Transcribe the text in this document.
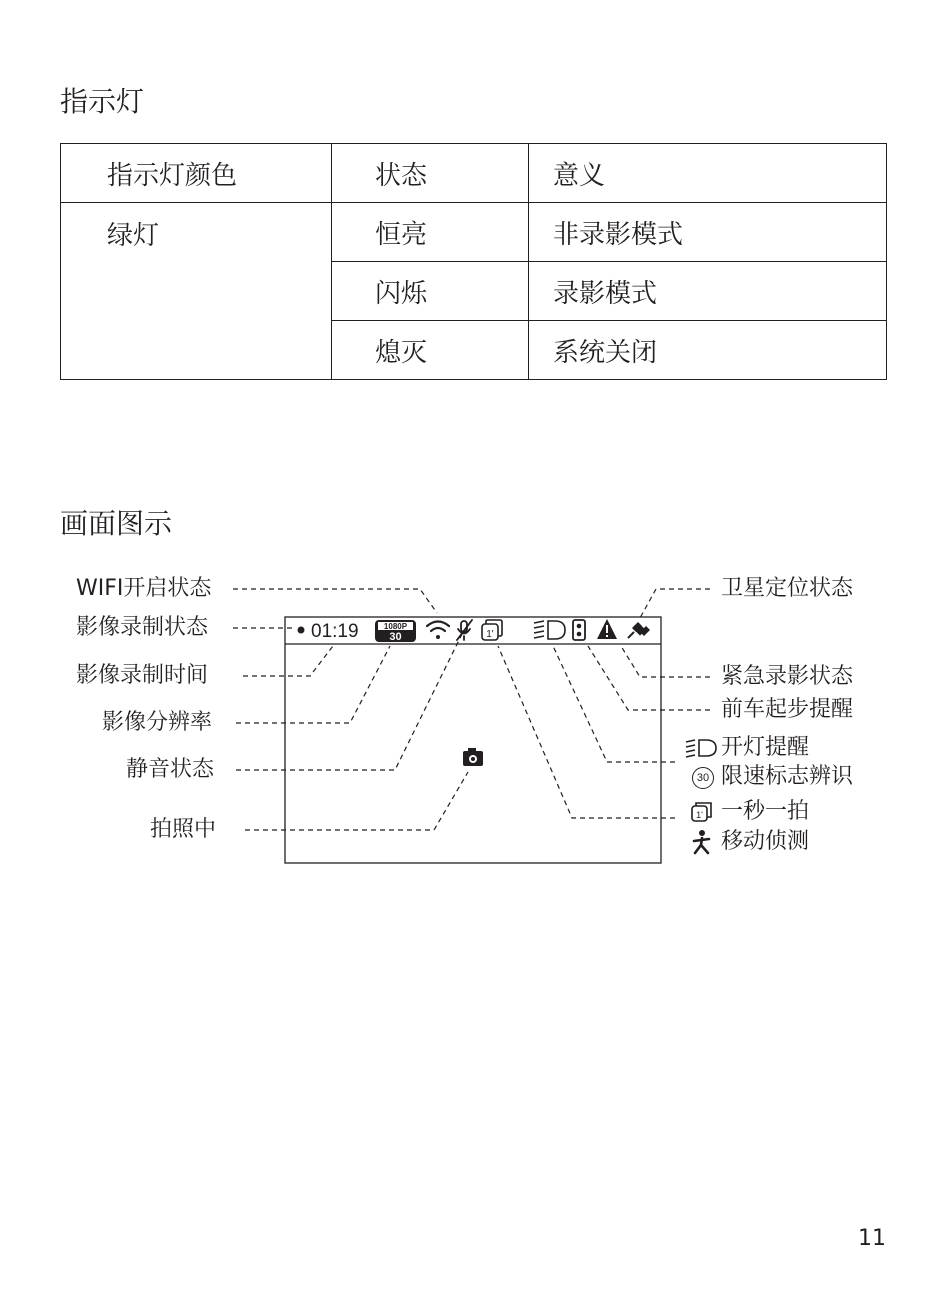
指示灯
指示灯颜色	状态	意义
绿灯	恒亮	非录影模式
	闪烁	录影模式
	熄灭	系统关闭
画面图示
01:19	1080P
30	1'
WIFI开启状态
影像录制状态
影像录制时间
影像分辨率
静音状态
拍照中
卫星定位状态
紧急录影状态
前车起步提醒
开灯提醒
30 限速标志辨识
1' 一秒一拍
移动侦测
11
